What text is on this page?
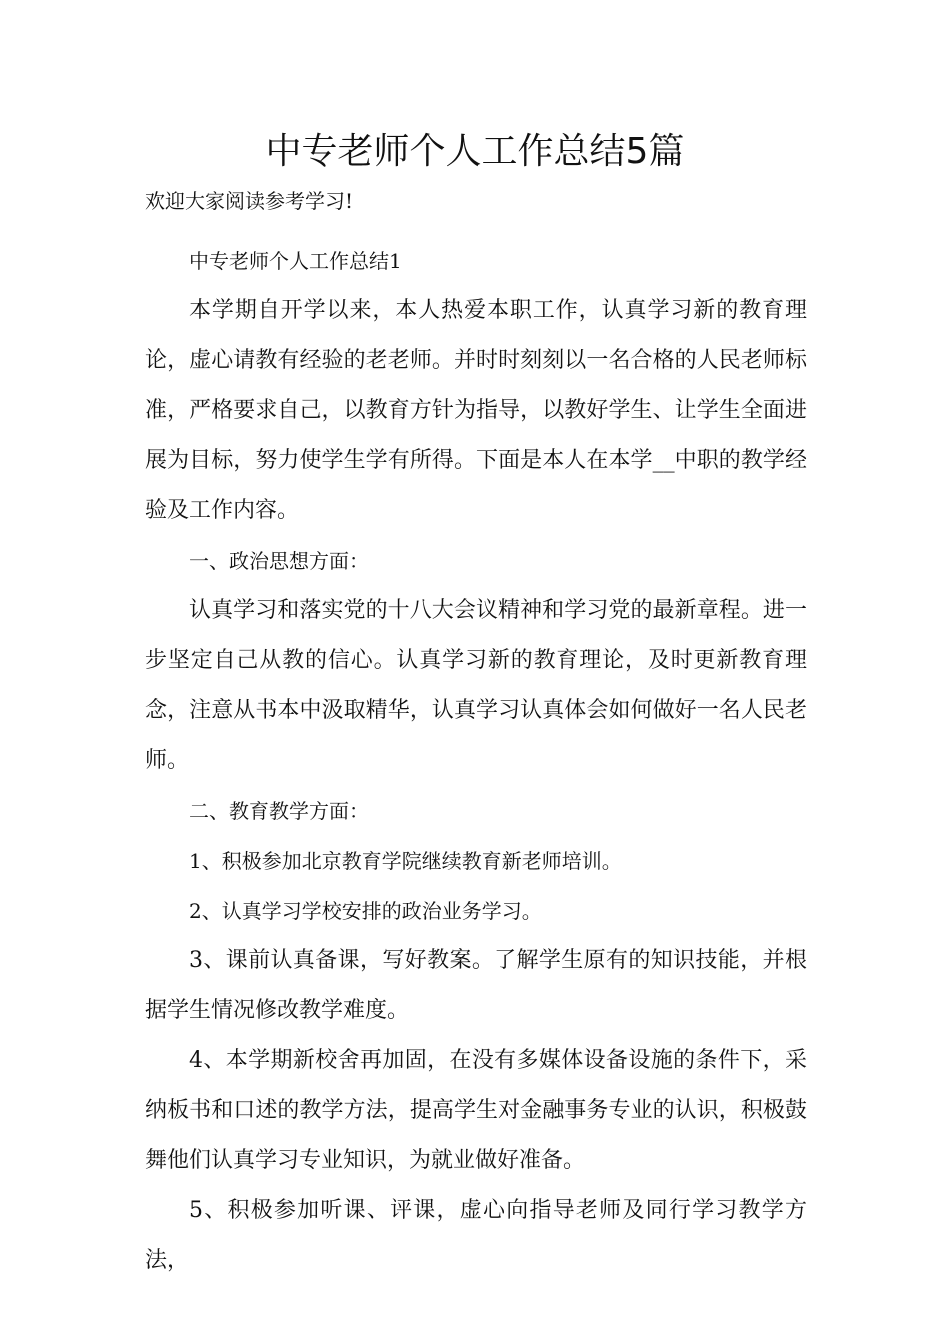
中专老师个人工作总结5篇

欢迎大家阅读参考学习!

中专老师个人工作总结1

本学期自开学以来，本人热爱本职工作，认真学习新的教育理论，虚心请教有经验的老老师。并时时刻刻以一名合格的人民老师标准，严格要求自己，以教育方针为指导，以教好学生、让学生全面进展为目标，努力使学生学有所得。下面是本人在本学__中职的教学经验及工作内容。

一、政治思想方面：

认真学习和落实党的十八大会议精神和学习党的最新章程。进一步坚定自己从教的信心。认真学习新的教育理论，及时更新教育理念，注意从书本中汲取精华，认真学习认真体会如何做好一名人民老师。

二、教育教学方面：

1、积极参加北京教育学院继续教育新老师培训。

2、认真学习学校安排的政治业务学习。

3、课前认真备课，写好教案。了解学生原有的知识技能，并根据学生情况修改教学难度。

4、本学期新校舍再加固，在没有多媒体设备设施的条件下，采纳板书和口述的教学方法，提高学生对金融事务专业的认识，积极鼓舞他们认真学习专业知识，为就业做好准备。

5、积极参加听课、评课，虚心向指导老师及同行学习教学方法，
